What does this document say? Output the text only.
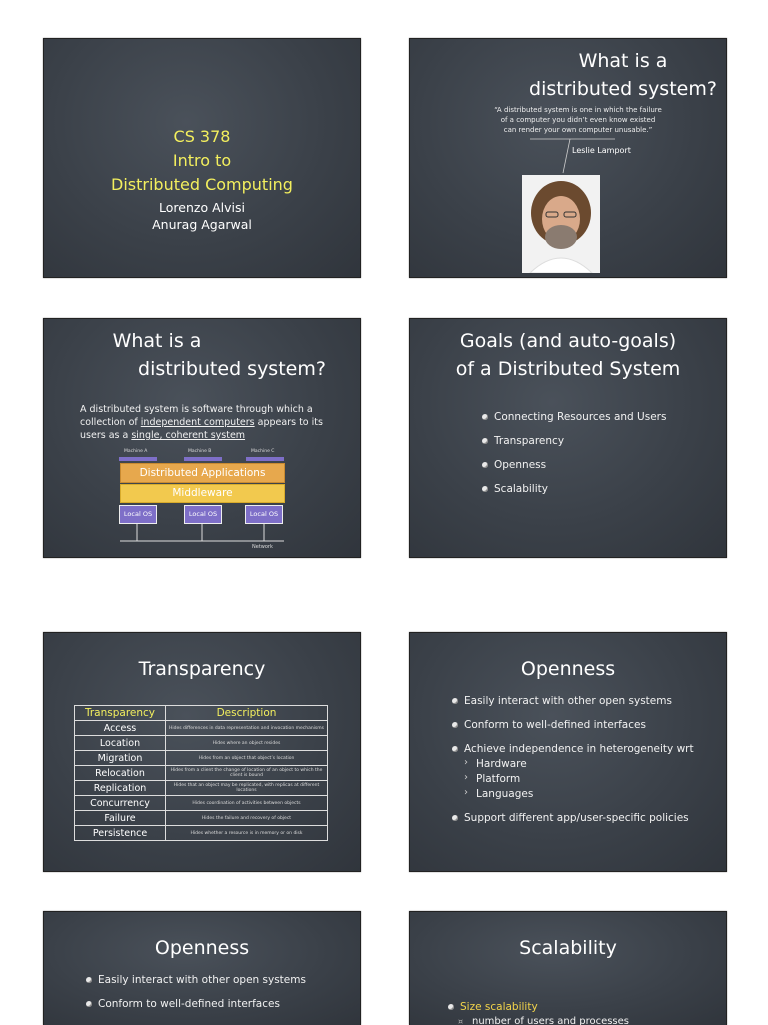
CS 378
Intro to
Distributed Computing
Lorenzo Alvisi
Anurag Agarwal
What is a
distributed system?
“A distributed system is one in which the failure
of a computer you didn’t even know existed
can render your own computer unusable.”
Leslie Lamport
What is a
distributed system?
A distributed system is software through which a
collection of independent computers appears to its
users as a single, coherent system
Machine A	Machine B	Machine C
Distributed Applications
Middleware
Local OS	Local OS	Local OS
Network
Goals (and auto-goals)
of a Distributed System
Connecting Resources and Users
Transparency
Openness
Scalability
Transparency
Transparency	Description
Access	Hides differences in data representation and invocation mechanisms
Location	Hides where an object resides
Migration	Hides from an object that object’s location
Relocation	Hides from a client the change of location of an object to which the client is bound
Replication	Hides that an object may be replicated, with replicas at different locations
Concurrency	Hides coordination of activities between objects
Failure	Hides the failure and recovery of object
Persistence	Hides whether a resource is in memory or on disk
Openness
Easily interact with other open systems
Conform to well-defined interfaces
Achieve independence in heterogeneity wrt
› Hardware
› Platform
› Languages
Support different app/user-specific policies
Openness
Easily interact with other open systems
Conform to well-defined interfaces
Scalability
Size scalability
¤ number of users and processes
